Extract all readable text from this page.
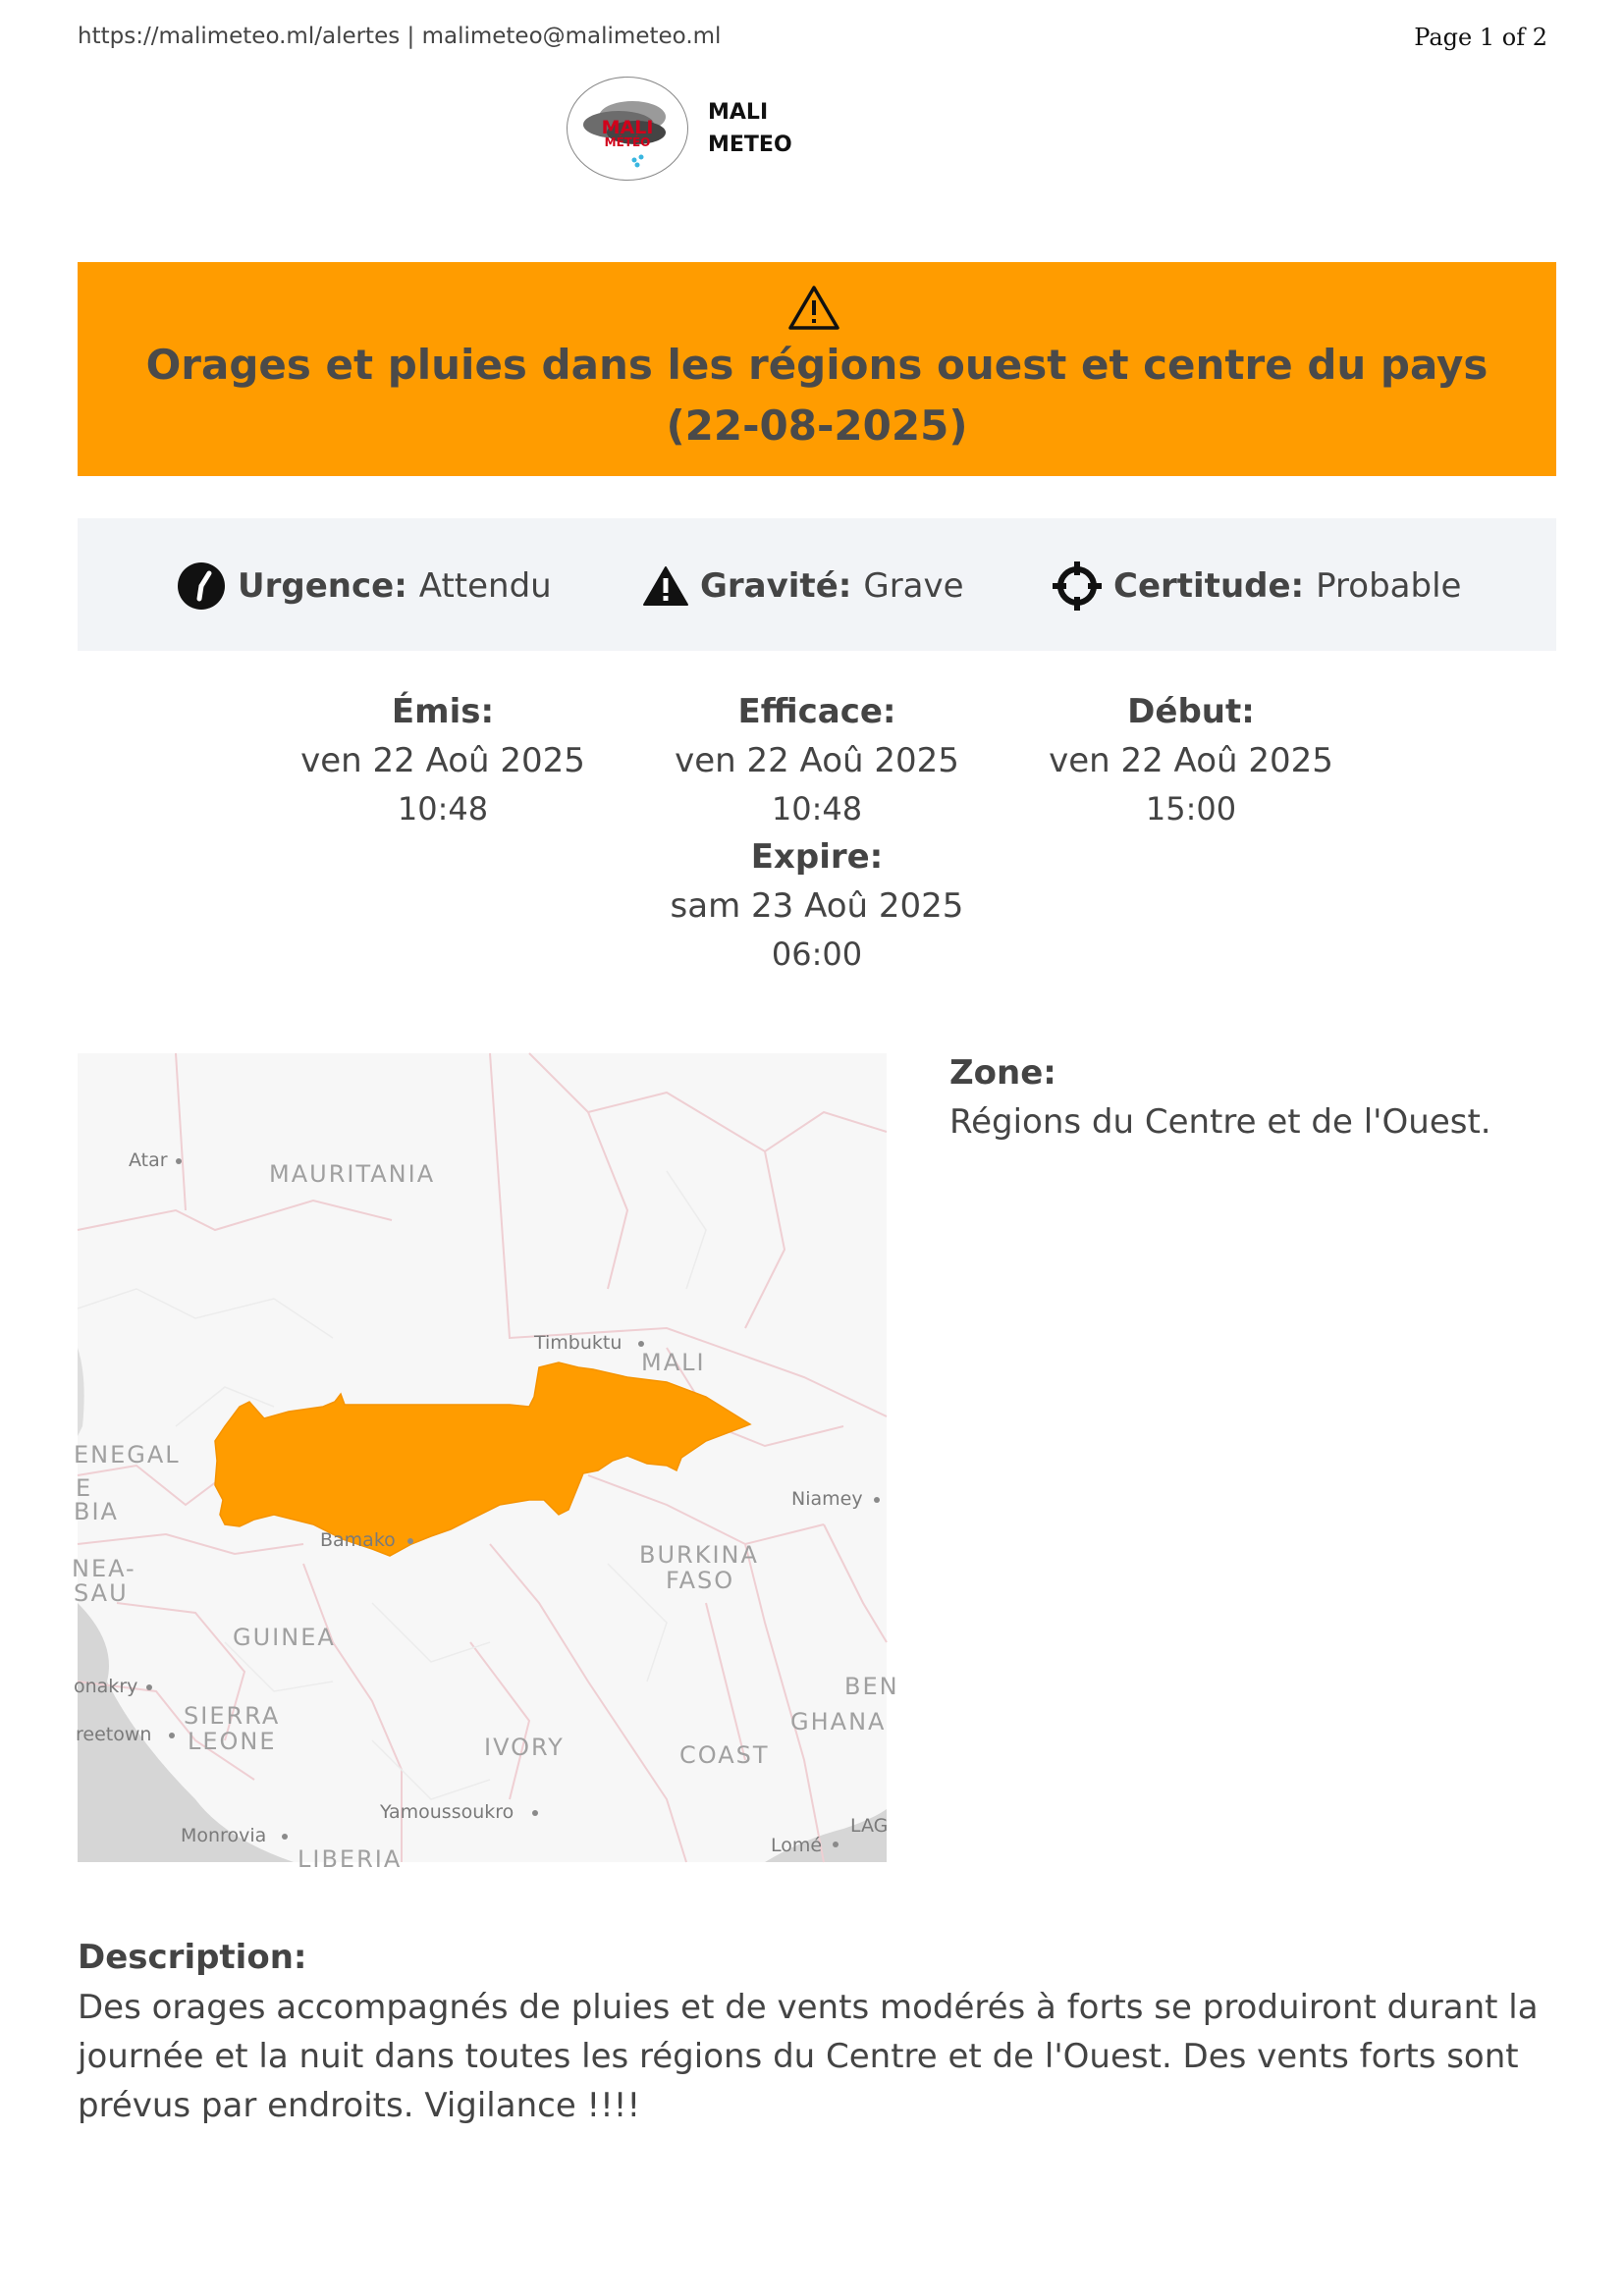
https://malimeteo.ml/alertes | malimeteo@malimeteo.ml	Page 1 of 2
MALI
MÉTÉO
MALI
METEO
Orages et pluies dans les régions ouest et centre du pays (22-08-2025)
Urgence: Attendu	Gravité: Grave	Certitude: Probable
Émis:
ven 22 Aoû 2025
10:48
Efficace:
ven 22 Aoû 2025
10:48
Début:
ven 22 Aoû 2025
15:00
Expire:
sam 23 Aoû 2025
06:00
Atar	MAURITANIA
Timbuktu
MALI
ENEGAL
E
BIA	Niamey
Bamako
NEA-
SAU
BURKINA
FASO
GUINEA
onakry	BEN
SIERRA	GHANA
reetown LEONE	IVORY	COAST
Yamoussoukro
Monrovia	LAG
Lomé
LIBERIA
Zone:
Régions du Centre et de l'Ouest.
Description:
Des orages accompagnés de pluies et de vents modérés à forts se produiront durant la journée et la nuit dans toutes les régions du Centre et de l'Ouest. Des vents forts sont prévus par endroits. Vigilance !!!!
